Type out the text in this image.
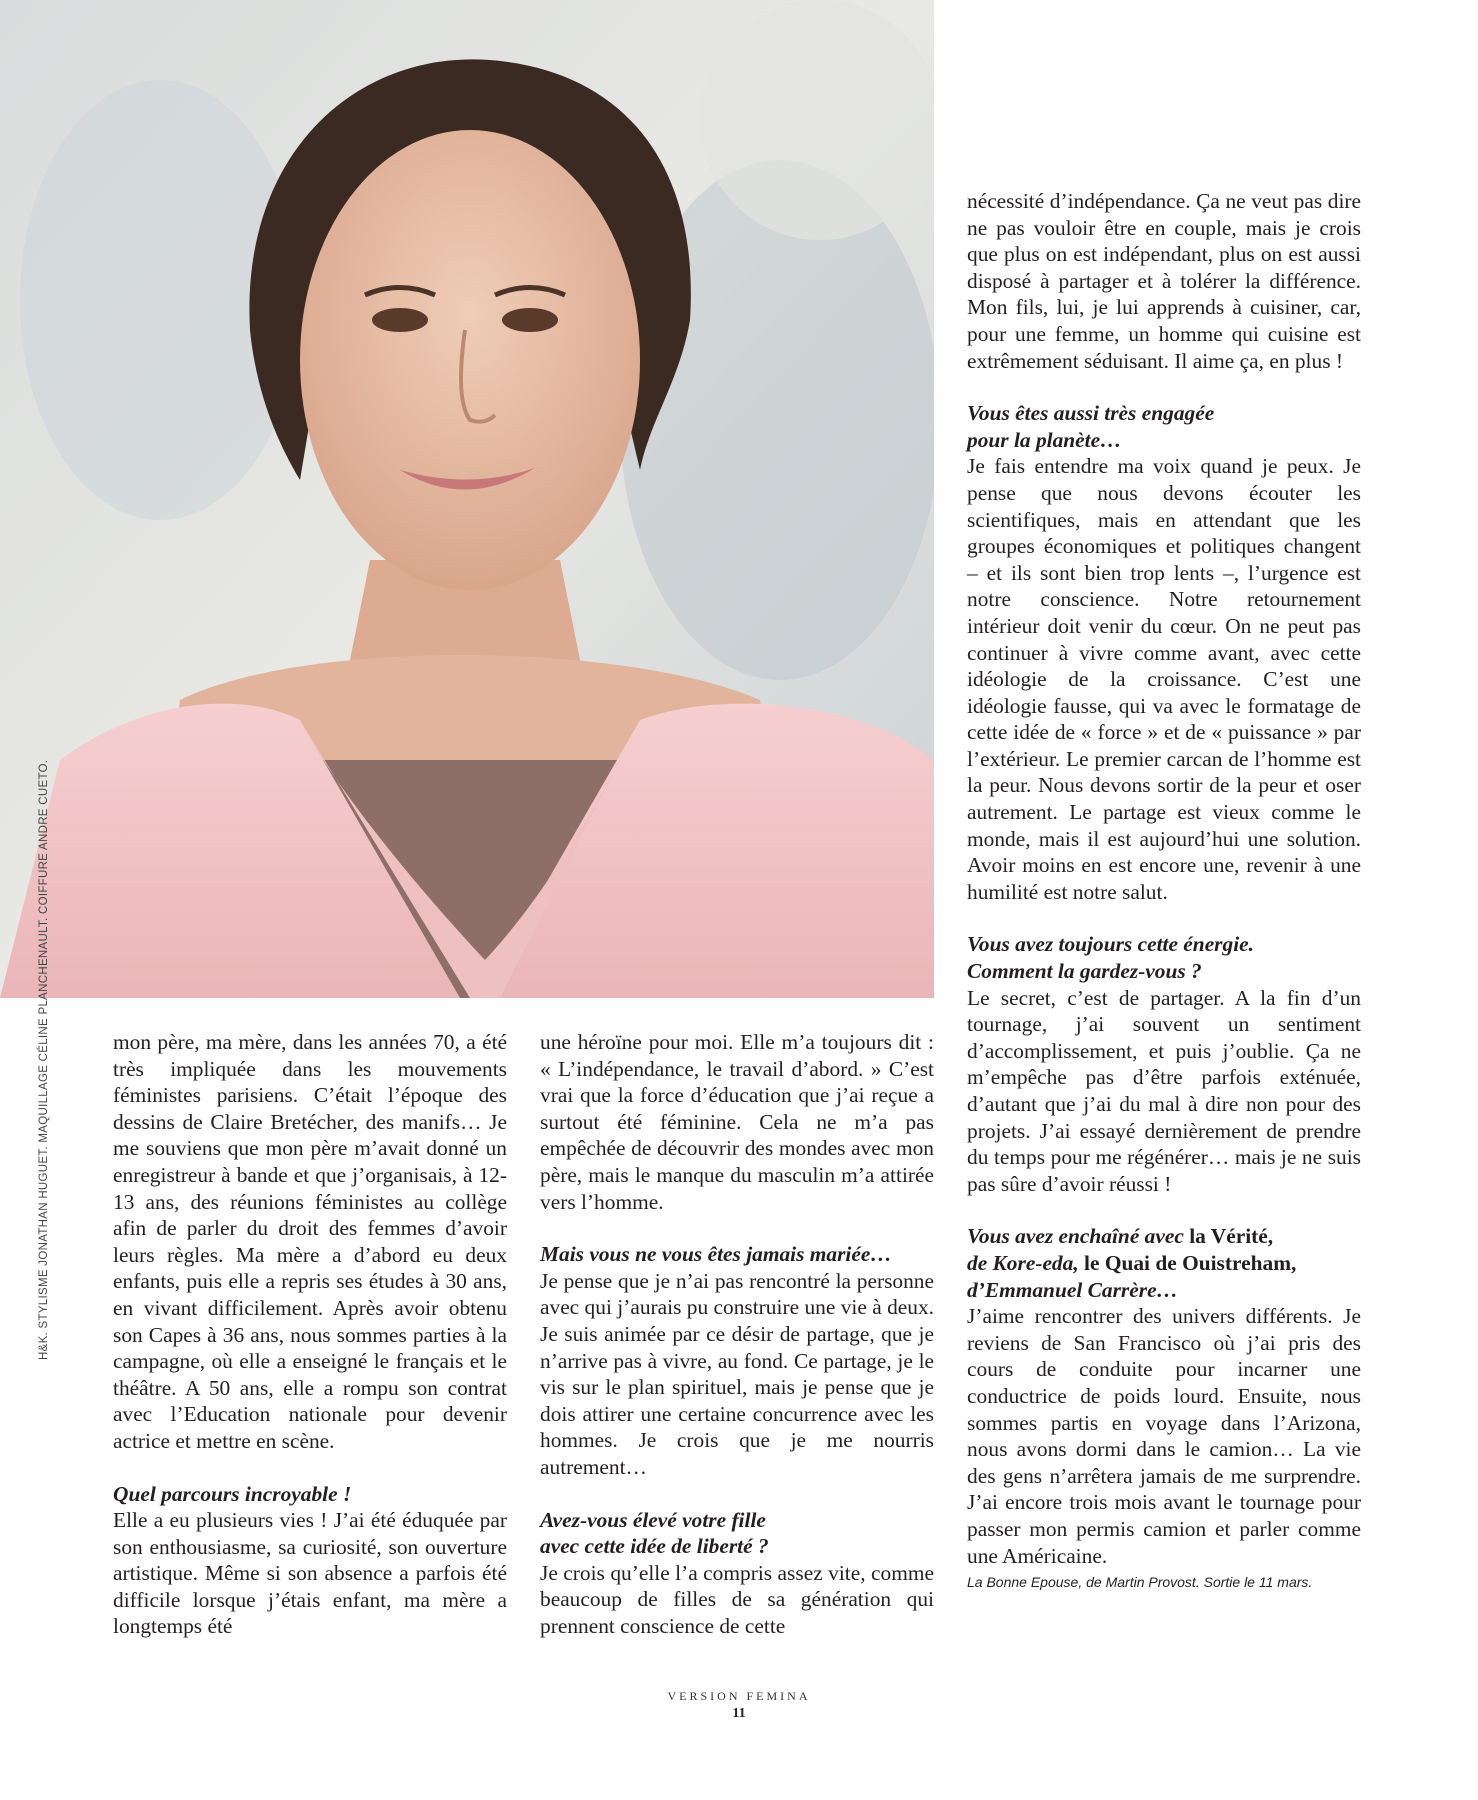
H&K. STYLISME JONATHAN HUGUET. MAQUILLAGE CÉLINE PLANCHENAULT. COIFFURE ANDRE CUETO.

nécessité d’indépendance. Ça ne veut pas dire ne pas vouloir être en couple, mais je crois que plus on est indépendant, plus on est aussi disposé à partager et à tolérer la différence. Mon fils, lui, je lui apprends à cuisiner, car, pour une femme, un homme qui cuisine est extrêmement séduisant. Il aime ça, en plus !

Vous êtes aussi très engagée
pour la planète…

Je fais entendre ma voix quand je peux. Je pense que nous devons écouter les scientifiques, mais en attendant que les groupes économiques et politiques changent – et ils sont bien trop lents –, l’urgence est notre conscience. Notre retournement intérieur doit venir du cœur. On ne peut pas continuer à vivre comme avant, avec cette idéologie de la croissance. C’est une idéologie fausse, qui va avec le formatage de cette idée de « force » et de « puissance » par l’extérieur. Le premier carcan de l’homme est la peur. Nous devons sortir de la peur et oser autrement. Le partage est vieux comme le monde, mais il est aujourd’hui une solution. Avoir moins en est encore une, revenir à une humilité est notre salut.

Vous avez toujours cette énergie.
Comment la gardez-vous ?

Le secret, c’est de partager. A la fin d’un tournage, j’ai souvent un sentiment d’accomplissement, et puis j’oublie. Ça ne m’empêche pas d’être parfois exténuée, d’autant que j’ai du mal à dire non pour des projets. J’ai essayé dernièrement de prendre du temps pour me régénérer… mais je ne suis pas sûre d’avoir réussi !

Vous avez enchaîné avec la Vérité,
de Kore-eda, le Quai de Ouistreham,
d’Emmanuel Carrère…

J’aime rencontrer des univers différents. Je reviens de San Francisco où j’ai pris des cours de conduite pour incarner une conductrice de poids lourd. Ensuite, nous sommes partis en voyage dans l’Arizona, nous avons dormi dans le camion… La vie des gens n’arrêtera jamais de me surprendre. J’ai encore trois mois avant le tournage pour passer mon permis camion et parler comme une Américaine.

La Bonne Epouse, de Martin Provost. Sortie le 11 mars.

mon père, ma mère, dans les années 70, a été très impliquée dans les mouvements féministes parisiens. C’était l’époque des dessins de Claire Bretécher, des manifs… Je me souviens que mon père m’avait donné un enregistreur à bande et que j’organisais, à 12-13 ans, des réunions féministes au collège afin de parler du droit des femmes d’avoir leurs règles. Ma mère a d’abord eu deux enfants, puis elle a repris ses études à 30 ans, en vivant difficilement. Après avoir obtenu son Capes à 36 ans, nous sommes parties à la campagne, où elle a enseigné le français et le théâtre. A 50 ans, elle a rompu son contrat avec l’Education nationale pour devenir actrice et mettre en scène.

Quel parcours incroyable !

Elle a eu plusieurs vies ! J’ai été éduquée par son enthousiasme, sa curiosité, son ouverture artistique. Même si son absence a parfois été difficile lorsque j’étais enfant, ma mère a longtemps été

une héroïne pour moi. Elle m’a toujours dit : « L’indépendance, le travail d’abord. » C’est vrai que la force d’éducation que j’ai reçue a surtout été féminine. Cela ne m’a pas empêchée de découvrir des mondes avec mon père, mais le manque du masculin m’a attirée vers l’homme.

Mais vous ne vous êtes jamais mariée…

Je pense que je n’ai pas rencontré la personne avec qui j’aurais pu construire une vie à deux. Je suis animée par ce désir de partage, que je n’arrive pas à vivre, au fond. Ce partage, je le vis sur le plan spirituel, mais je pense que je dois attirer une certaine concurrence avec les hommes. Je crois que je me nourris autrement…

Avez-vous élevé votre fille
avec cette idée de liberté ?

Je crois qu’elle l’a compris assez vite, comme beaucoup de filles de sa génération qui prennent conscience de cette

VERSION FEMINA
11
